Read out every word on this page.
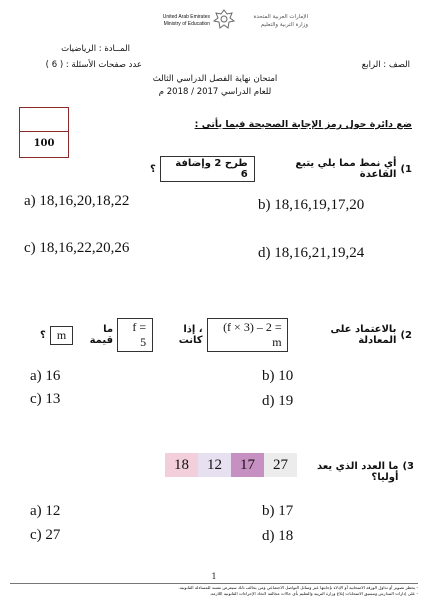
United Arab Emirates
Ministry of Education
الإمارات العربية المتحدة
وزارة التربية والتعليم
المــادة : الرياضيات
عدد صفحات الأسئلة : ( 6 )	الصف : الرابع
امتحان نهاية الفصل الدراسي الثالث
للعام الدراسي 2017 / 2018 م
100
ضع دائرة حول رمز الإجابة الصحيحة فيما يأتي :
1)
أي نمط مما يلي يتبع القاعدة
طرح 2 وإضافة 6
؟
a) 18,16,20,18,22	b) 18,16,19,17,20
c) 18,16,22,20,26	d) 18,16,21,19,24
2)
بالاعتماد على المعادلة
(f × 3) – 2 = m
، إذا كانت
f = 5
ما قيمة
m
؟
a) 16	b) 10
c) 13	d) 19
3)
ما العدد الذي يعد أوليا؟
18	12	17	27
a) 12	b) 17
c) 27	d) 18
1
- يحظر تصوير أو تداول الورقة الامتحانية أو الإدلاء بإجابتها عبر وسائل التواصل الاجتماعي ومن يخالف ذلك سيعرض نفسه للمساءلة القانونية.
- على إدارات المدارس وتنسيق الامتحانات إبلاغ وزارة التربية والتعليم بأي حالات مخالفة لاتخاذ الإجراءات القانونية اللازمة.
